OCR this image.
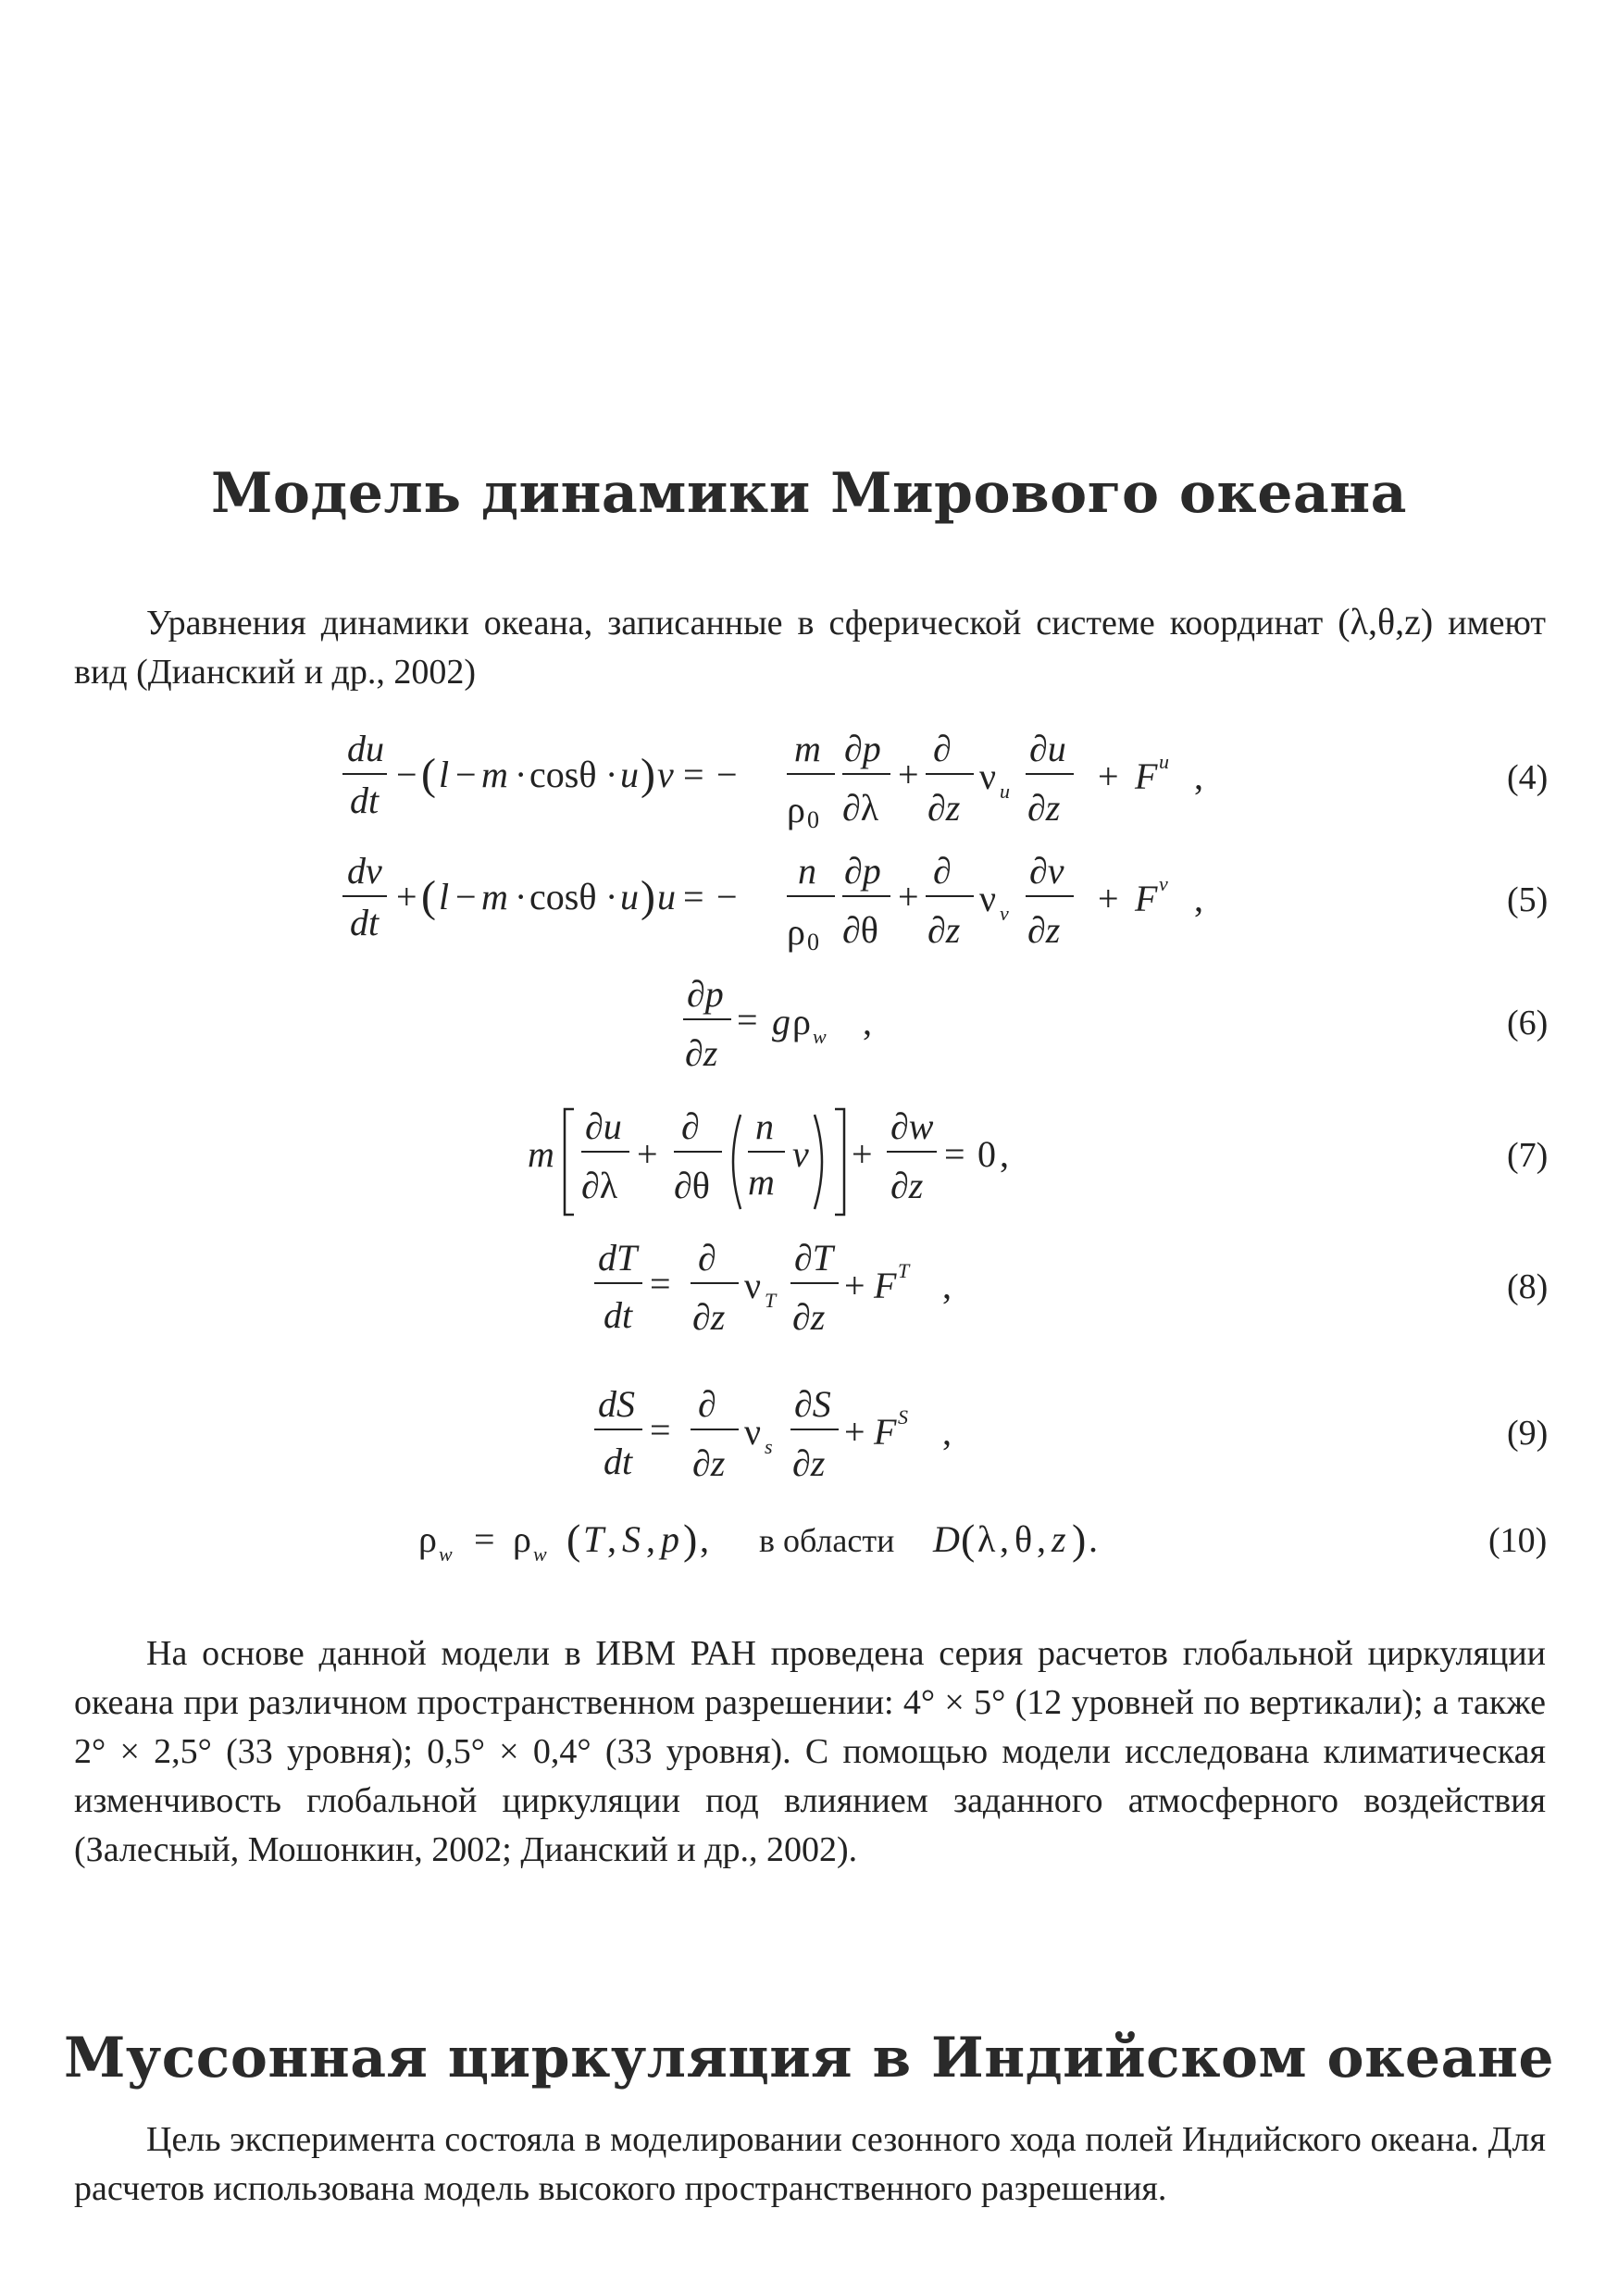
Модель динамики Мирового океана

Уравнения динамики океана, записанные в сферической системе координат (λ,θ,z) имеют вид (Дианский и др., 2002)

du
dt
− ( l − m · cosθ · u ) v = −
m
ρ 0
∂p
∂λ
+
∂
∂z
ν u
∂u
∂z
+ F u ,	(4)
dv
dt
+ ( l − m · cosθ · u ) u = −
n
ρ 0
∂p
∂θ
+
∂
∂z
ν v
∂v
∂z
+ F v ,	(5)
∂p
∂z
= g ρ w ,	(6)
m
∂u
∂λ
+
∂
∂θ
n
m
v +
∂w
∂z
= 0 ,	(7)
dT
dt
=
∂
∂z
ν T
∂T
∂z
+ F T ,	(8)
dS
dt
=
∂
∂z
ν s
∂S
∂z
+ F S ,	(9)
ρ w = ρ w ( T , S , p ) , в области D ( λ , θ , z ) .	(10)

На основе данной модели в ИВМ РАН проведена серия расчетов глобальной циркуляции океана при различном пространственном разрешении: 4° × 5° (12 уровней по вертикали); а также 2° × 2,5° (33 уровня); 0,5° × 0,4° (33 уровня). С помощью модели исследована климатическая изменчивость глобальной циркуляции под влиянием заданного атмосферного воздействия (Залесный, Мошонкин, 2002; Дианский и др., 2002).

Муссонная циркуляция в Индийском океане

Цель эксперимента состояла в моделировании сезонного хода полей Индийского океана. Для расчетов использована модель высокого пространственного разрешения.
